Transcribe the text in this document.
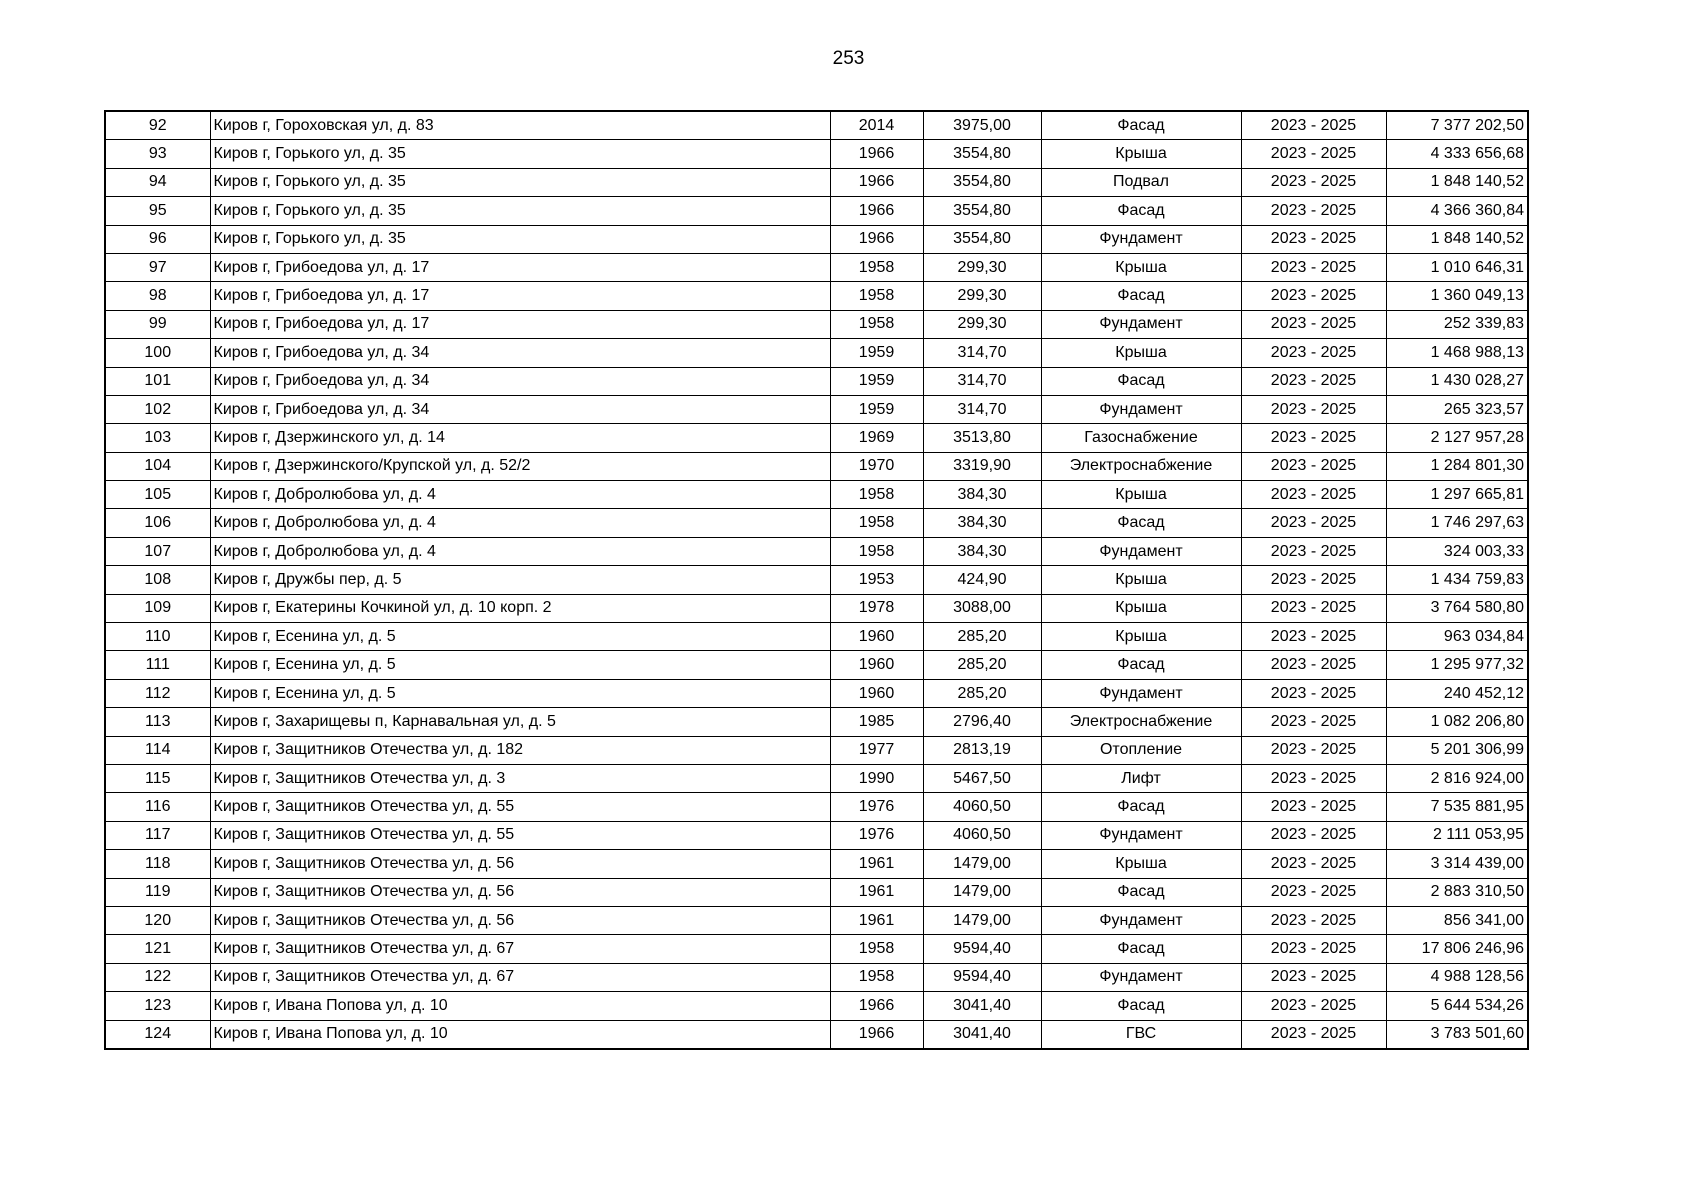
253
92	Киров г, Гороховская ул, д. 83	2014	3975,00	Фасад	2023 - 2025	7 377 202,50
93	Киров г, Горького ул, д. 35	1966	3554,80	Крыша	2023 - 2025	4 333 656,68
94	Киров г, Горького ул, д. 35	1966	3554,80	Подвал	2023 - 2025	1 848 140,52
95	Киров г, Горького ул, д. 35	1966	3554,80	Фасад	2023 - 2025	4 366 360,84
96	Киров г, Горького ул, д. 35	1966	3554,80	Фундамент	2023 - 2025	1 848 140,52
97	Киров г, Грибоедова ул, д. 17	1958	299,30	Крыша	2023 - 2025	1 010 646,31
98	Киров г, Грибоедова ул, д. 17	1958	299,30	Фасад	2023 - 2025	1 360 049,13
99	Киров г, Грибоедова ул, д. 17	1958	299,30	Фундамент	2023 - 2025	252 339,83
100	Киров г, Грибоедова ул, д. 34	1959	314,70	Крыша	2023 - 2025	1 468 988,13
101	Киров г, Грибоедова ул, д. 34	1959	314,70	Фасад	2023 - 2025	1 430 028,27
102	Киров г, Грибоедова ул, д. 34	1959	314,70	Фундамент	2023 - 2025	265 323,57
103	Киров г, Дзержинского ул, д. 14	1969	3513,80	Газоснабжение	2023 - 2025	2 127 957,28
104	Киров г, Дзержинского/Крупской ул, д. 52/2	1970	3319,90	Электроснабжение	2023 - 2025	1 284 801,30
105	Киров г, Добролюбова ул, д. 4	1958	384,30	Крыша	2023 - 2025	1 297 665,81
106	Киров г, Добролюбова ул, д. 4	1958	384,30	Фасад	2023 - 2025	1 746 297,63
107	Киров г, Добролюбова ул, д. 4	1958	384,30	Фундамент	2023 - 2025	324 003,33
108	Киров г, Дружбы пер, д. 5	1953	424,90	Крыша	2023 - 2025	1 434 759,83
109	Киров г, Екатерины Кочкиной ул, д. 10 корп. 2	1978	3088,00	Крыша	2023 - 2025	3 764 580,80
110	Киров г, Есенина ул, д. 5	1960	285,20	Крыша	2023 - 2025	963 034,84
111	Киров г, Есенина ул, д. 5	1960	285,20	Фасад	2023 - 2025	1 295 977,32
112	Киров г, Есенина ул, д. 5	1960	285,20	Фундамент	2023 - 2025	240 452,12
113	Киров г, Захарищевы п, Карнавальная ул, д. 5	1985	2796,40	Электроснабжение	2023 - 2025	1 082 206,80
114	Киров г, Защитников Отечества ул, д. 182	1977	2813,19	Отопление	2023 - 2025	5 201 306,99
115	Киров г, Защитников Отечества ул, д. 3	1990	5467,50	Лифт	2023 - 2025	2 816 924,00
116	Киров г, Защитников Отечества ул, д. 55	1976	4060,50	Фасад	2023 - 2025	7 535 881,95
117	Киров г, Защитников Отечества ул, д. 55	1976	4060,50	Фундамент	2023 - 2025	2 111 053,95
118	Киров г, Защитников Отечества ул, д. 56	1961	1479,00	Крыша	2023 - 2025	3 314 439,00
119	Киров г, Защитников Отечества ул, д. 56	1961	1479,00	Фасад	2023 - 2025	2 883 310,50
120	Киров г, Защитников Отечества ул, д. 56	1961	1479,00	Фундамент	2023 - 2025	856 341,00
121	Киров г, Защитников Отечества ул, д. 67	1958	9594,40	Фасад	2023 - 2025	17 806 246,96
122	Киров г, Защитников Отечества ул, д. 67	1958	9594,40	Фундамент	2023 - 2025	4 988 128,56
123	Киров г, Ивана Попова ул, д. 10	1966	3041,40	Фасад	2023 - 2025	5 644 534,26
124	Киров г, Ивана Попова ул, д. 10	1966	3041,40	ГВС	2023 - 2025	3 783 501,60
